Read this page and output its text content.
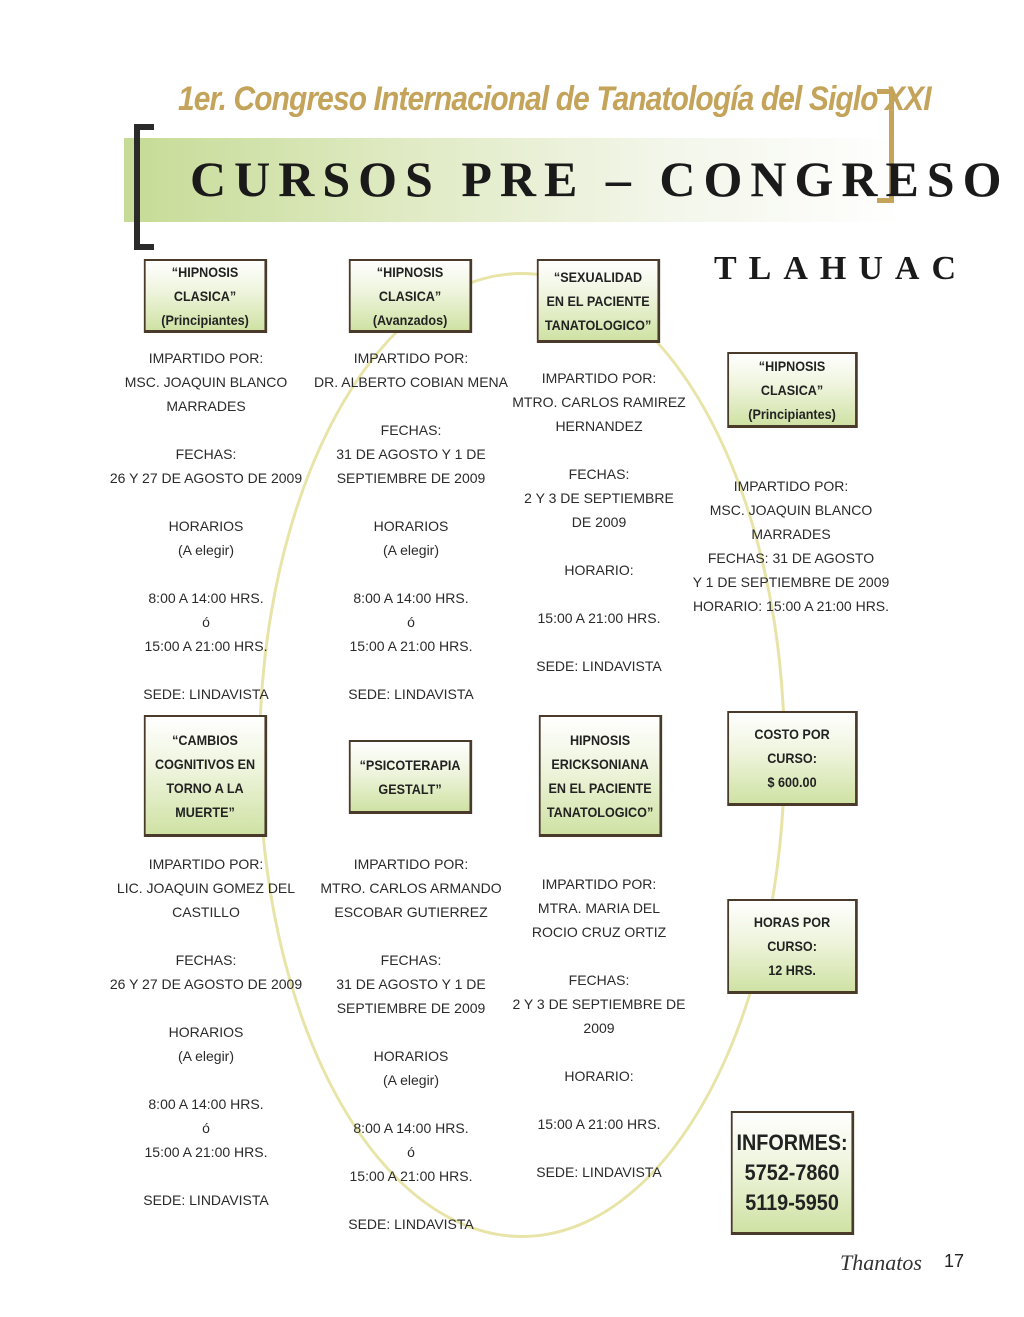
1er. Congreso Internacional de Tanatología del Siglo XXI
CURSOS PRE – CONGRESO
TLAHUAC
“HIPNOSIS CLASICA”
(Principiantes)
IMPARTIDO POR:
MSC. JOAQUIN BLANCO
MARRADES

FECHAS:
26 Y 27 DE AGOSTO DE 2009

HORARIOS
(A elegir)

8:00 A 14:00 HRS.
ó
15:00 A 21:00 HRS.

SEDE: LINDAVISTA
“HIPNOSIS CLASICA”
(Avanzados)
IMPARTIDO POR:
DR. ALBERTO COBIAN MENA

FECHAS:
31 DE AGOSTO Y 1 DE
SEPTIEMBRE DE 2009

HORARIOS
(A elegir)

8:00 A 14:00 HRS.
ó
15:00 A 21:00 HRS.

SEDE: LINDAVISTA
“SEXUALIDAD
EN EL PACIENTE
TANATOLOGICO”
IMPARTIDO POR:
MTRO. CARLOS RAMIREZ
HERNANDEZ

FECHAS:
2 Y 3 DE SEPTIEMBRE
DE 2009

HORARIO:

15:00 A 21:00 HRS.

SEDE: LINDAVISTA
“HIPNOSIS CLASICA”
(Principiantes)
IMPARTIDO POR:
MSC. JOAQUIN BLANCO MARRADES
FECHAS: 31 DE AGOSTO
Y 1 DE SEPTIEMBRE DE 2009
HORARIO: 15:00 A 21:00 HRS.
“CAMBIOS
COGNITIVOS EN
TORNO A LA
MUERTE”
IMPARTIDO POR:
LIC. JOAQUIN GOMEZ DEL
CASTILLO

FECHAS:
26 Y 27 DE AGOSTO DE 2009

HORARIOS
(A elegir)

8:00 A 14:00 HRS.
ó
15:00 A 21:00 HRS.

SEDE: LINDAVISTA
“PSICOTERAPIA
GESTALT”
IMPARTIDO POR:
MTRO. CARLOS ARMANDO
ESCOBAR GUTIERREZ

FECHAS:
31 DE AGOSTO Y 1 DE
SEPTIEMBRE DE 2009

HORARIOS
(A elegir)

8:00 A 14:00 HRS.
ó
15:00 A 21:00 HRS.

SEDE: LINDAVISTA
HIPNOSIS
ERICKSONIANA
EN EL PACIENTE
TANATOLOGICO”
IMPARTIDO POR:
MTRA. MARIA DEL
ROCIO CRUZ ORTIZ

FECHAS:
2 Y 3 DE SEPTIEMBRE DE 2009

HORARIO:

15:00 A 21:00 HRS.

SEDE: LINDAVISTA
COSTO POR CURSO:
$ 600.00
HORAS POR CURSO:
12 HRS.
INFORMES:
5752-7860
5119-5950
Thanatos 17
